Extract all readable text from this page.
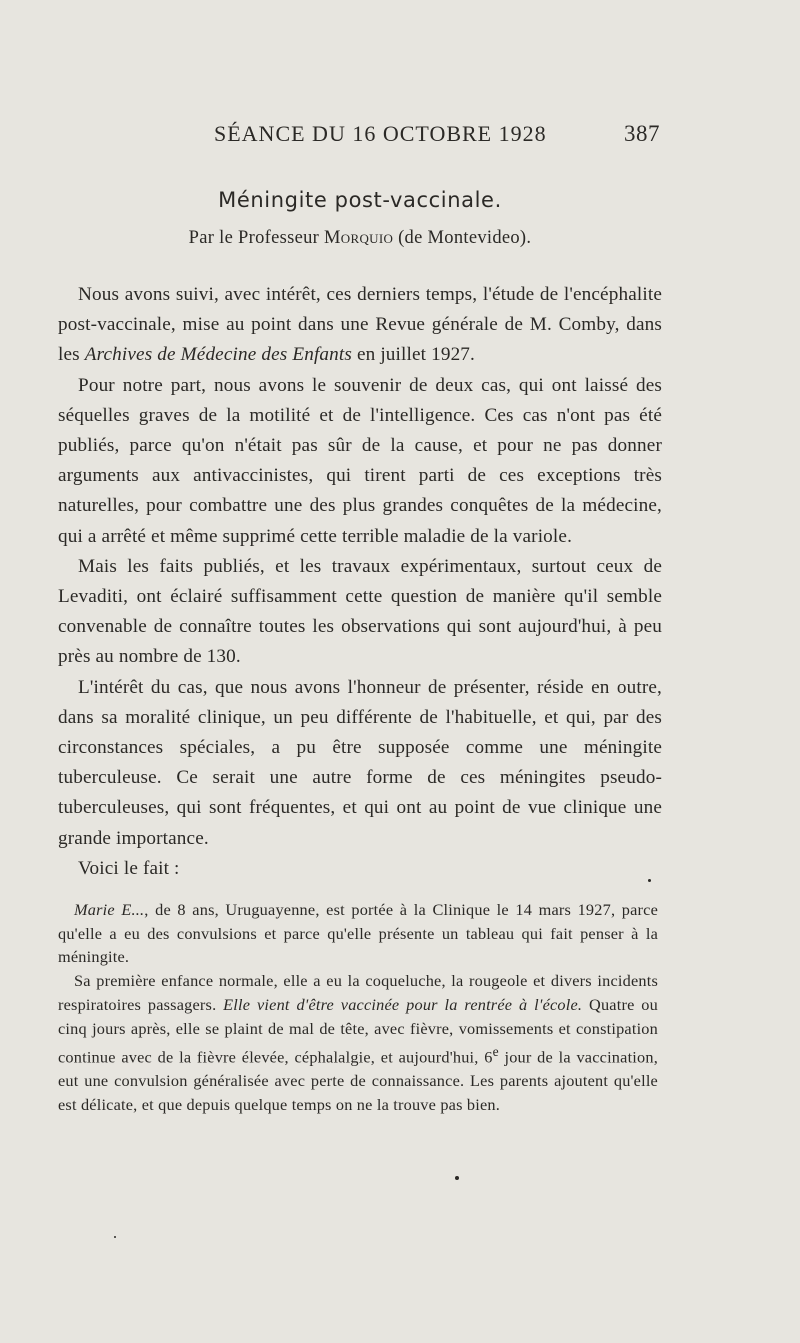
SÉANCE DU 16 OCTOBRE 1928	387
Méningite post-vaccinale.
Par le Professeur Morquio (de Montevideo).

Nous avons suivi, avec intérêt, ces derniers temps, l'étude de l'encéphalite post-vaccinale, mise au point dans une Revue générale de M. Comby, dans les Archives de Médecine des Enfants en juillet 1927.

Pour notre part, nous avons le souvenir de deux cas, qui ont laissé des séquelles graves de la motilité et de l'intelligence. Ces cas n'ont pas été publiés, parce qu'on n'était pas sûr de la cause, et pour ne pas donner arguments aux antivaccinistes, qui tirent parti de ces exceptions très naturelles, pour combattre une des plus grandes conquêtes de la médecine, qui a arrêté et même supprimé cette terrible maladie de la variole.

Mais les faits publiés, et les travaux expérimentaux, surtout ceux de Levaditi, ont éclairé suffisamment cette question de manière qu'il semble convenable de connaître toutes les observations qui sont aujourd'hui, à peu près au nombre de 130.

L'intérêt du cas, que nous avons l'honneur de présenter, réside en outre, dans sa moralité clinique, un peu différente de l'habituelle, et qui, par des circonstances spéciales, a pu être supposée comme une méningite tuberculeuse. Ce serait une autre forme de ces méningites pseudo-tuberculeuses, qui sont fréquentes, et qui ont au point de vue clinique une grande importance.

Voici le fait :

Marie E..., de 8 ans, Uruguayenne, est portée à la Clinique le 14 mars 1927, parce qu'elle a eu des convulsions et parce qu'elle présente un tableau qui fait penser à la méningite.

Sa première enfance normale, elle a eu la coqueluche, la rougeole et divers incidents respiratoires passagers. Elle vient d'être vaccinée pour la rentrée à l'école. Quatre ou cinq jours après, elle se plaint de mal de tête, avec fièvre, vomissements et constipation continue avec de la fièvre élevée, céphalalgie, et aujourd'hui, 6e jour de la vaccination, eut une convulsion généralisée avec perte de connaissance. Les parents ajoutent qu'elle est délicate, et que depuis quelque temps on ne la trouve pas bien.
